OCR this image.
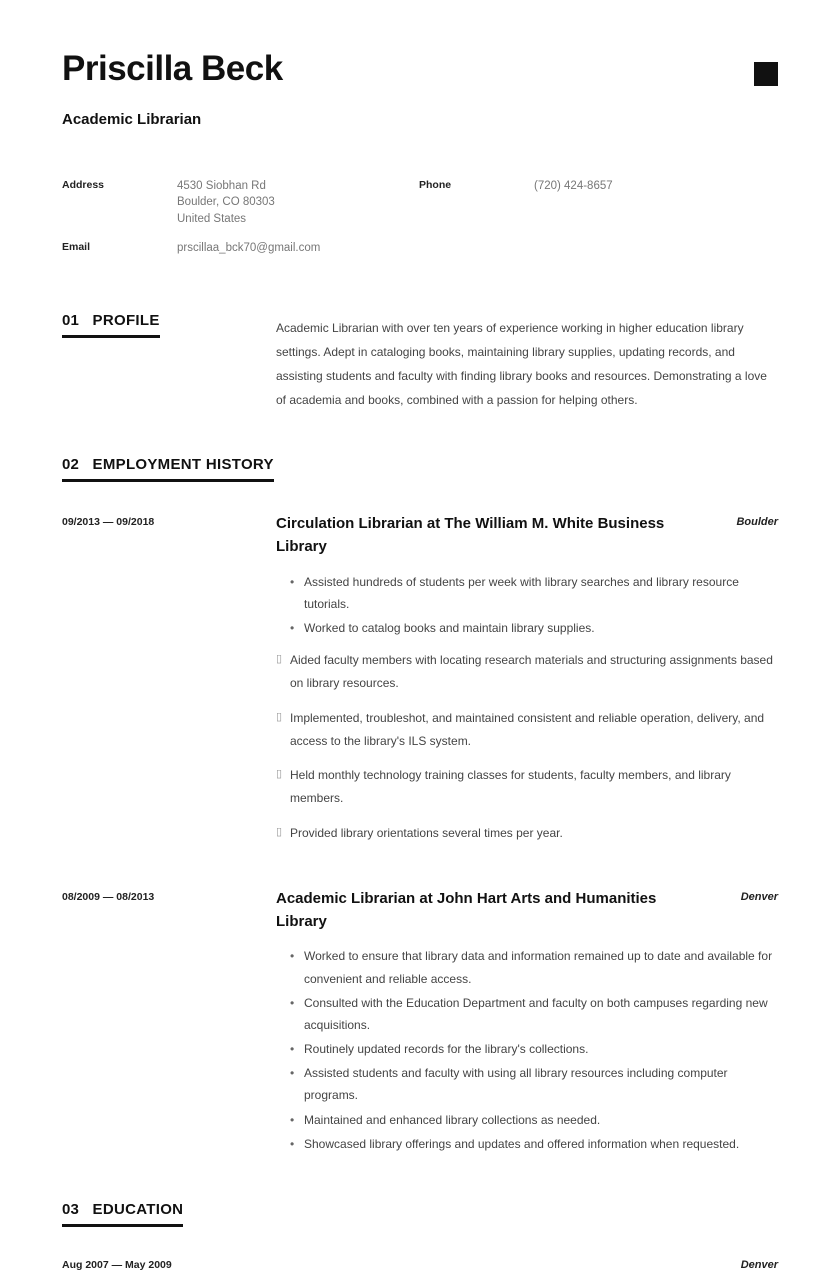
Priscilla Beck
Academic Librarian
Address	4530 Siobhan Rd
Boulder, CO 80303
United States
Email	prscillaa_bck70@gmail.com
Phone	(720) 424-8657
01 PROFILE	Academic Librarian with over ten years of experience working in higher education library settings. Adept in cataloging books, maintaining library supplies, updating records, and assisting students and faculty with finding library books and resources. Demonstrating a love of academia and books, combined with a passion for helping others.
02 EMPLOYMENT HISTORY
09/2013 — 09/2018	Circulation Librarian at The William M. White Business Library
Boulder
• Assisted hundreds of students per week with library searches and library resource tutorials.
• Worked to catalog books and maintain library supplies.
▯ Aided faculty members with locating research materials and structuring assignments based on library resources.
▯ Implemented, troubleshot, and maintained consistent and reliable operation, delivery, and access to the library's ILS system.
▯ Held monthly technology training classes for students, faculty members, and library members.
▯ Provided library orientations several times per year.
08/2009 — 08/2013	Academic Librarian at John Hart Arts and Humanities Library
Denver
• Worked to ensure that library data and information remained up to date and available for convenient and reliable access.
• Consulted with the Education Department and faculty on both campuses regarding new acquisitions.
• Routinely updated records for the library's collections.
• Assisted students and faculty with using all library resources including computer programs.
• Maintained and enhanced library collections as needed.
• Showcased library offerings and updates and offered information when requested.
03 EDUCATION
Aug 2007 — May 2009	Denver
